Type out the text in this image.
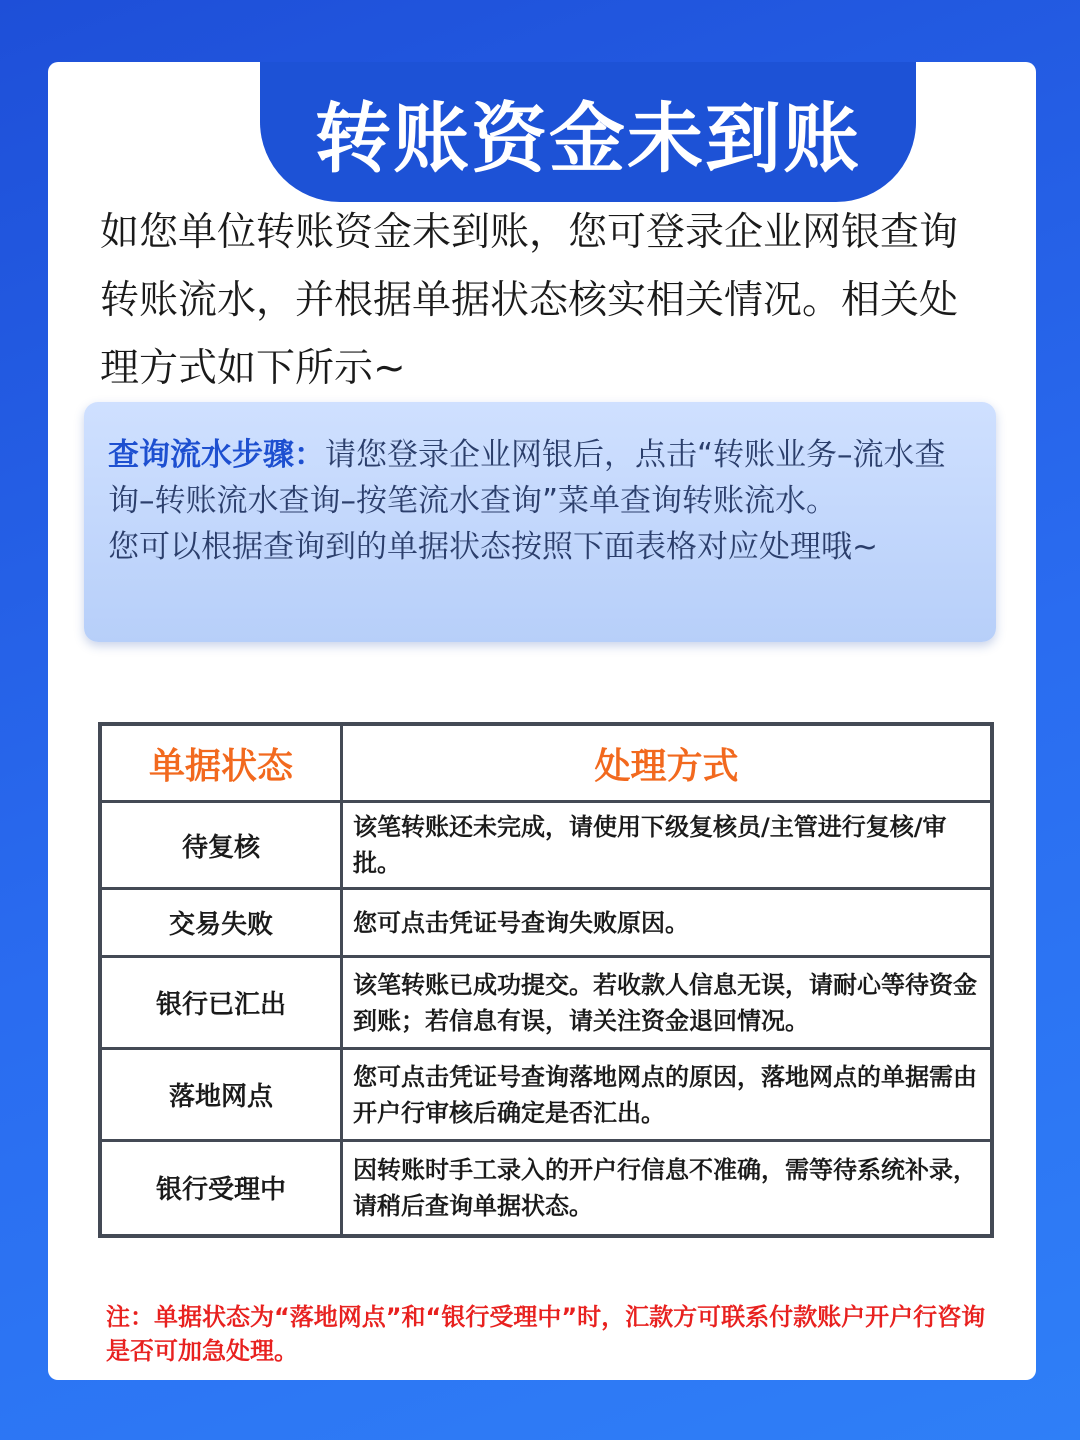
转账资金未到账

如您单位转账资金未到账，您可登录企业网银查询转账流水，并根据单据状态核实相关情况。相关处理方式如下所示~

查询流水步骤：请您登录企业网银后，点击“转账业务–流水查询–转账流水查询–按笔流水查询”菜单查询转账流水。
您可以根据查询到的单据状态按照下面表格对应处理哦~
单据状态	处理方式
待复核	该笔转账还未完成，请使用下级复核员/主管进行复核/审批。
交易失败	您可点击凭证号查询失败原因。
银行已汇出	该笔转账已成功提交。若收款人信息无误，请耐心等待资金到账；若信息有误，请关注资金退回情况。
落地网点	您可点击凭证号查询落地网点的原因，落地网点的单据需由开户行审核后确定是否汇出。
银行受理中	因转账时手工录入的开户行信息不准确，需等待系统补录，请稍后查询单据状态。

注：单据状态为“落地网点”和“银行受理中”时，汇款方可联系付款账户开户行咨询是否可加急处理。
